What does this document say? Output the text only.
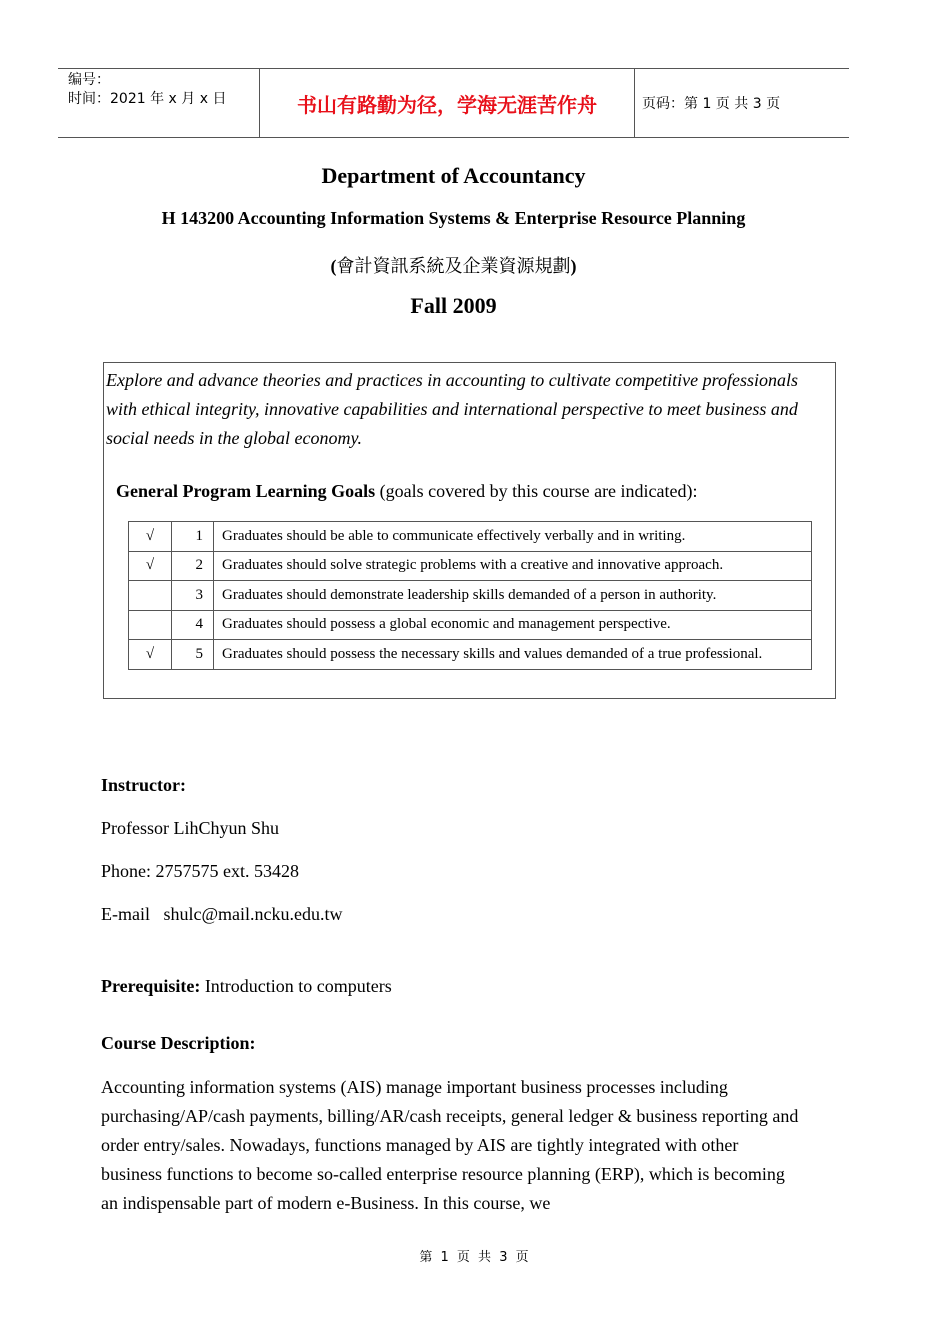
编号：
时间：2021 年 x 月 x 日	书山有路勤为径，学海无涯苦作舟	页码：第 1 页 共 3 页
Department of Accountancy
H 143200 Accounting Information Systems & Enterprise Resource Planning
(會計資訊系統及企業資源規劃)
Fall 2009
Explore and advance theories and practices in accounting to cultivate competitive professionals with ethical integrity, innovative capabilities and international perspective to meet business and social needs in the global economy.
General Program Learning Goals (goals covered by this course are indicated):
√	1	Graduates should be able to communicate effectively verbally and in writing.
√	2	Graduates should solve strategic problems with a creative and innovative approach.
	3	Graduates should demonstrate leadership skills demanded of a person in authority.
	4	Graduates should possess a global economic and management perspective.
√	5	Graduates should possess the necessary skills and values demanded of a true professional.
Instructor:
Professor LihChyun Shu
Phone: 2757575 ext. 53428
E-mail   shulc@mail.ncku.edu.tw
Prerequisite: Introduction to computers
Course Description:
Accounting information systems (AIS) manage important business processes including purchasing/AP/cash payments, billing/AR/cash receipts, general ledger & business reporting and order entry/sales. Nowadays, functions managed by AIS are tightly integrated with other business functions to become so-called enterprise resource planning (ERP), which is becoming an indispensable part of modern e-Business. In this course, we
第 1 页 共 3 页
